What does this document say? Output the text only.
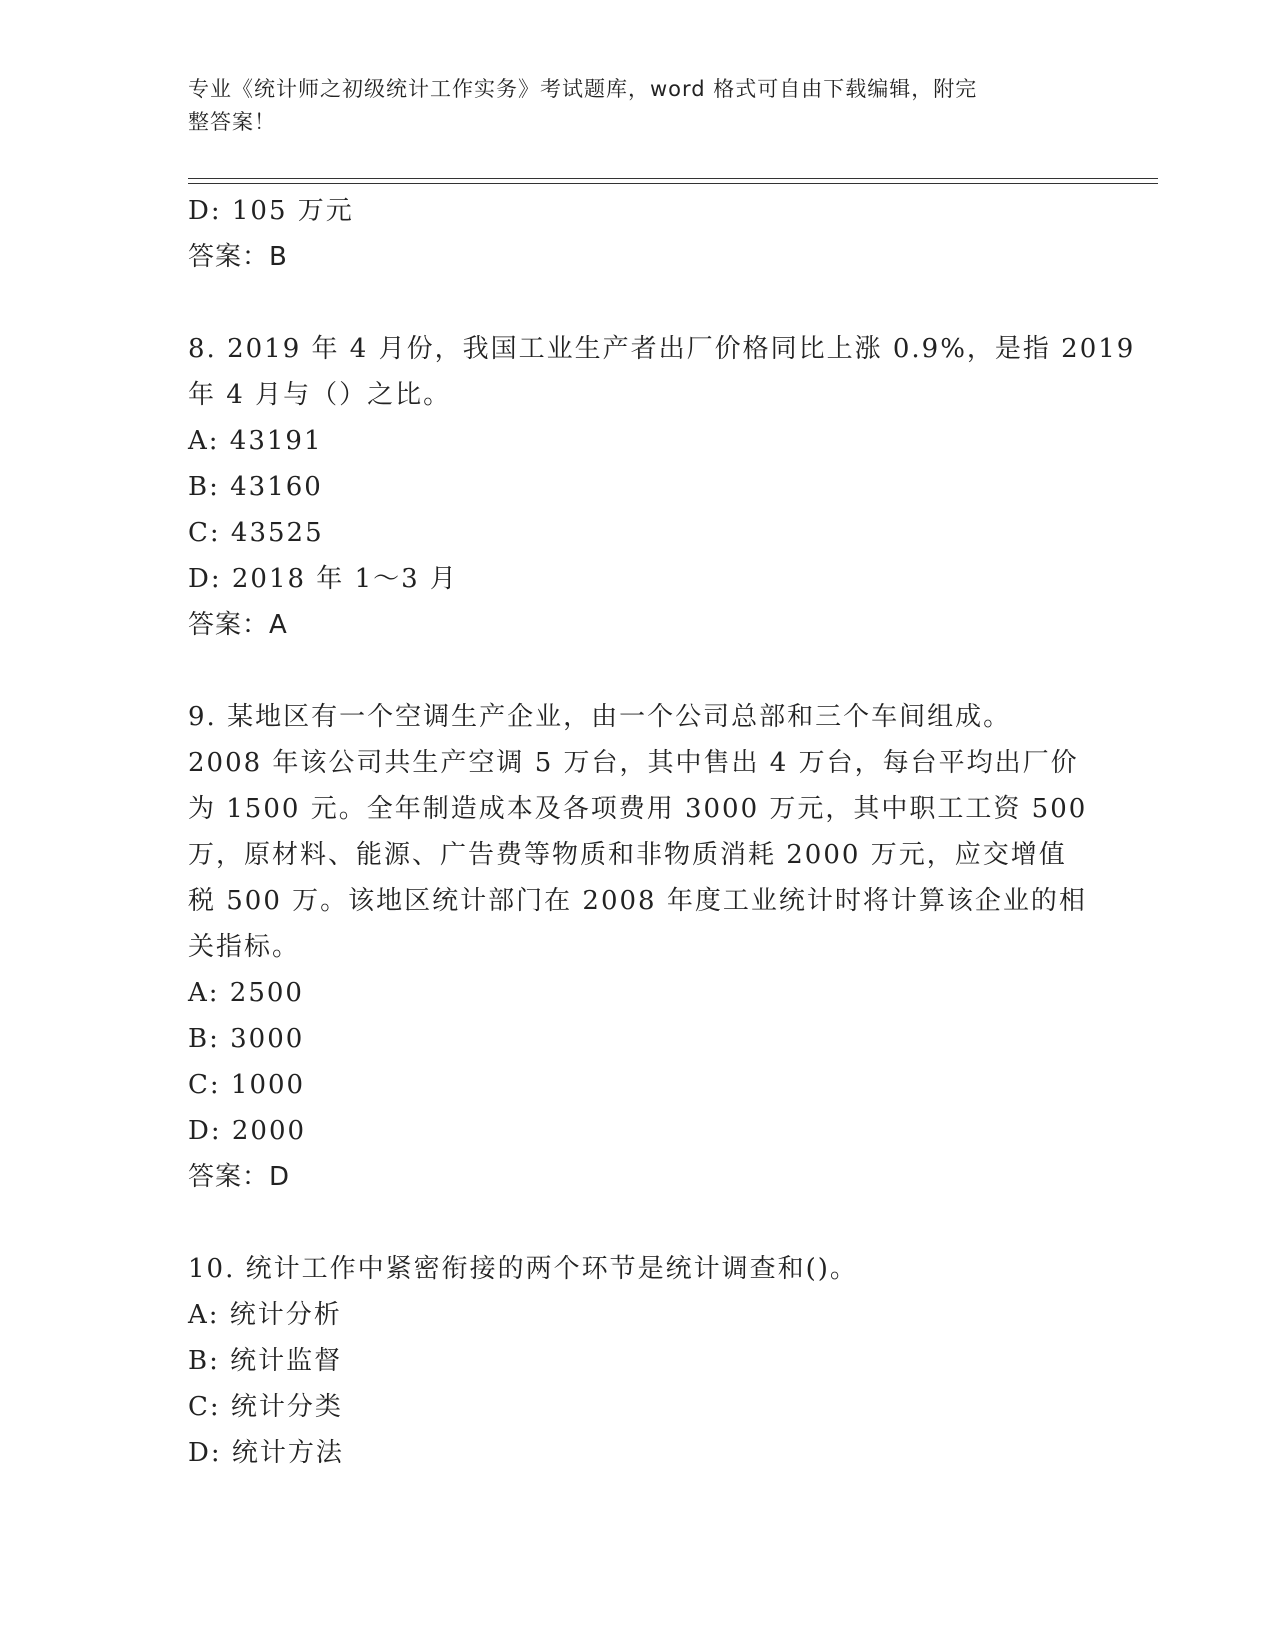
专业《统计师之初级统计工作实务》考试题库，word 格式可自由下载编辑，附完
整答案！
D: 105 万元
答案：B
8. 2019 年 4 月份，我国工业生产者出厂价格同比上涨 0.9%，是指 2019
年 4 月与（）之比。
A: 43191
B: 43160
C: 43525
D: 2018 年 1～3 月
答案：A
9. 某地区有一个空调生产企业，由一个公司总部和三个车间组成。
2008 年该公司共生产空调 5 万台，其中售出 4 万台，每台平均出厂价
为 1500 元。全年制造成本及各项费用 3000 万元，其中职工工资 500
万，原材料、能源、广告费等物质和非物质消耗 2000 万元，应交增值
税 500 万。该地区统计部门在 2008 年度工业统计时将计算该企业的相
关指标。
A: 2500
B: 3000
C: 1000
D: 2000
答案：D
10. 统计工作中紧密衔接的两个环节是统计调查和()。
A: 统计分析
B: 统计监督
C: 统计分类
D: 统计方法
